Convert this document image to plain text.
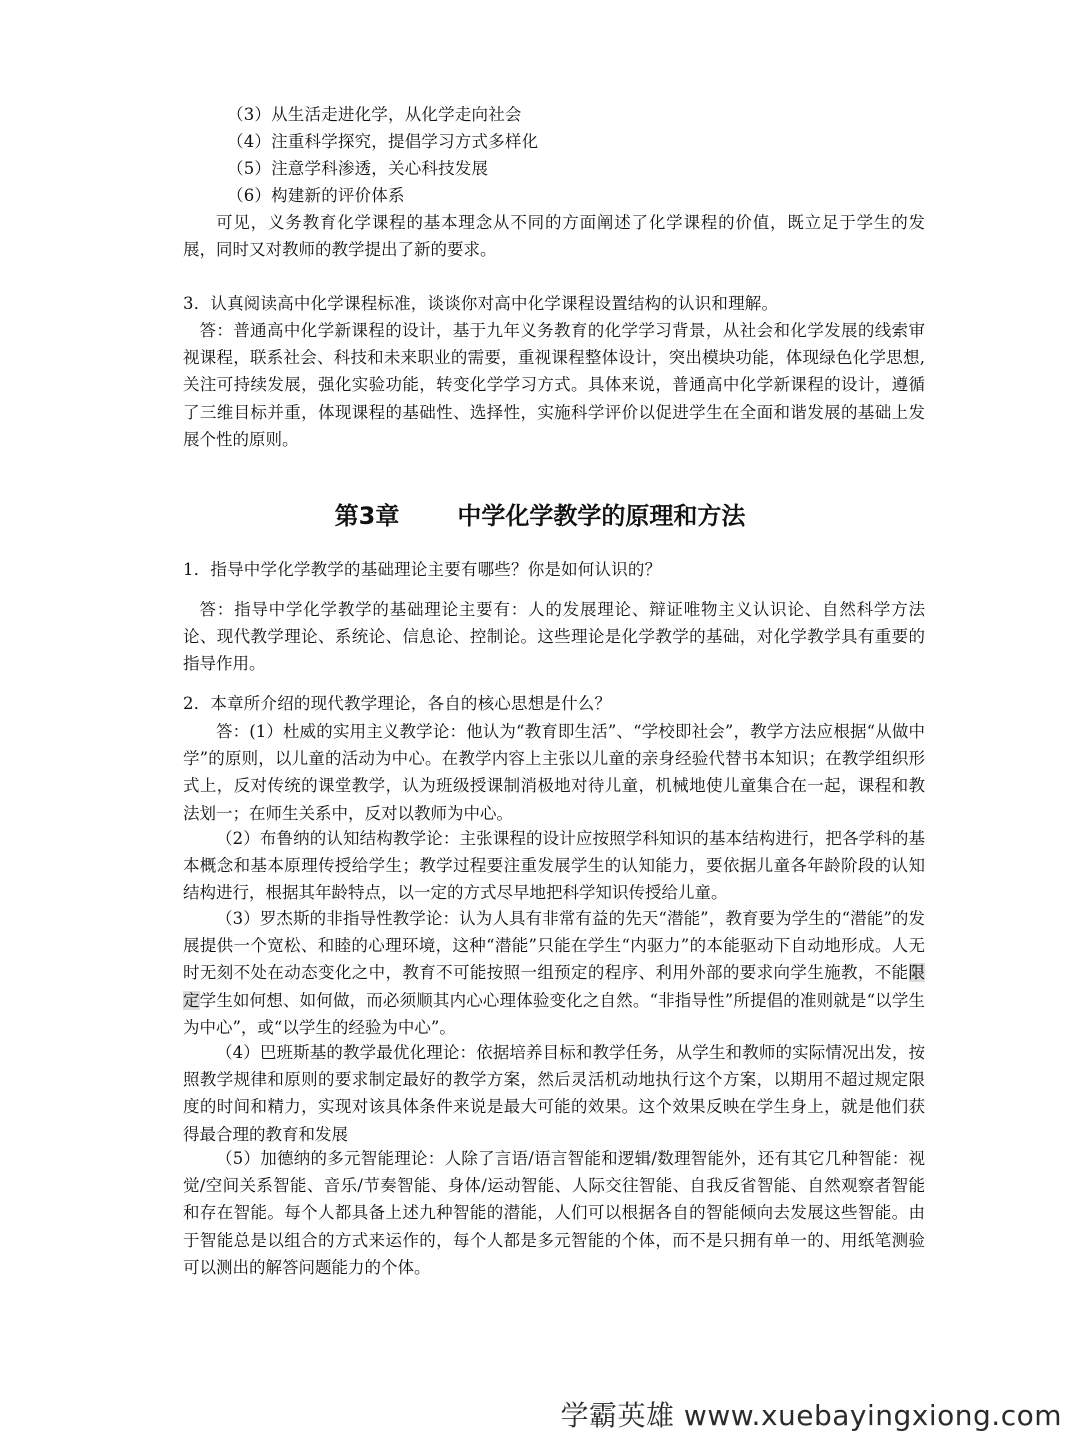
（3）从生活走进化学，从化学走向社会
（4）注重科学探究，提倡学习方式多样化
（5）注意学科渗透，关心科技发展
（6）构建新的评价体系
可见，义务教育化学课程的基本理念从不同的方面阐述了化学课程的价值，既立足于学生的发展，同时又对教师的教学提出了新的要求。
3．认真阅读高中化学课程标准，谈谈你对高中化学课程设置结构的认识和理解。
答：普通高中化学新课程的设计，基于九年义务教育的化学学习背景，从社会和化学发展的线索审视课程，联系社会、科技和未来职业的需要，重视课程整体设计，突出模块功能，体现绿色化学思想,关注可持续发展，强化实验功能，转变化学学习方式。具体来说，普通高中化学新课程的设计，遵循了三维目标并重，体现课程的基础性、选择性，实施科学评价以促进学生在全面和谐发展的基础上发展个性的原则。
第3章 中学化学教学的原理和方法
1．指导中学化学教学的基础理论主要有哪些？你是如何认识的？
答：指导中学化学教学的基础理论主要有：人的发展理论、辩证唯物主义认识论、自然科学方法论、现代教学理论、系统论、信息论、控制论。这些理论是化学教学的基础，对化学教学具有重要的指导作用。
2．本章所介绍的现代教学理论，各自的核心思想是什么？
答：(1）杜威的实用主义教学论：他认为“教育即生活”、“学校即社会”，教学方法应根据“从做中学”的原则，以儿童的活动为中心。在教学内容上主张以儿童的亲身经验代替书本知识；在教学组织形式上，反对传统的课堂教学，认为班级授课制消极地对待儿童，机械地使儿童集合在一起，课程和教法划一；在师生关系中，反对以教师为中心。
（2）布鲁纳的认知结构教学论：主张课程的设计应按照学科知识的基本结构进行，把各学科的基本概念和基本原理传授给学生；教学过程要注重发展学生的认知能力，要依据儿童各年龄阶段的认知结构进行，根据其年龄特点，以一定的方式尽早地把科学知识传授给儿童。
（3）罗杰斯的非指导性教学论：认为人具有非常有益的先天“潜能”，教育要为学生的“潜能”的发展提供一个宽松、和睦的心理环境，这种“潜能”只能在学生“内驱力”的本能驱动下自动地形成。人无时无刻不处在动态变化之中，教育不可能按照一组预定的程序、利用外部的要求向学生施教，不能限定学生如何想、如何做，而必须顺其内心心理体验变化之自然。“非指导性”所提倡的准则就是“以学生为中心”，或“以学生的经验为中心”。
（4）巴班斯基的教学最优化理论：依据培养目标和教学任务，从学生和教师的实际情况出发，按照教学规律和原则的要求制定最好的教学方案，然后灵活机动地执行这个方案，以期用不超过规定限度的时间和精力，实现对该具体条件来说是最大可能的效果。这个效果反映在学生身上，就是他们获得最合理的教育和发展
（5）加德纳的多元智能理论：人除了言语/语言智能和逻辑/数理智能外，还有其它几种智能：视觉/空间关系智能、音乐/节奏智能、身体/运动智能、人际交往智能、自我反省智能、自然观察者智能和存在智能。每个人都具备上述九种智能的潜能，人们可以根据各自的智能倾向去发展这些智能。由于智能总是以组合的方式来运作的，每个人都是多元智能的个体，而不是只拥有单一的、用纸笔测验可以测出的解答问题能力的个体。
学霸英雄 www.xuebayingxiong.com
